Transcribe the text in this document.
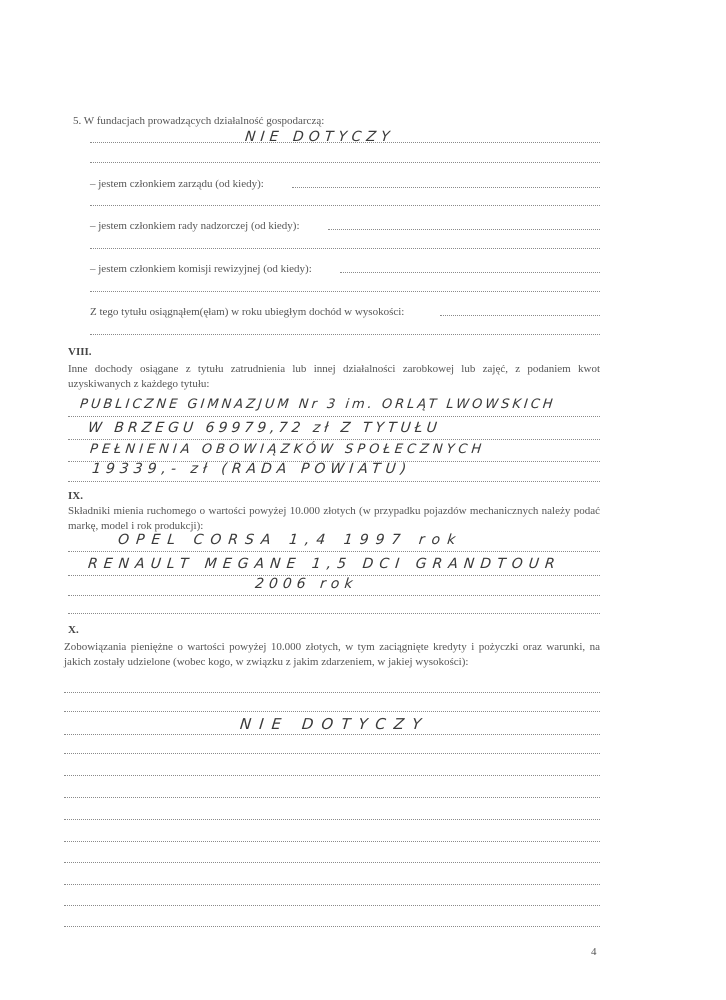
5. W fundacjach prowadzących działalność gospodarczą:
NIE DOTYCZY
– jestem członkiem zarządu (od kiedy):
– jestem członkiem rady nadzorczej (od kiedy):
– jestem członkiem komisji rewizyjnej (od kiedy):
Z tego tytułu osiągnąłem(ęłam) w roku ubiegłym dochód w wysokości:
VIII.
Inne dochody osiągane z tytułu zatrudnienia lub innej działalności zarobkowej lub zajęć, z podaniem kwot uzyskiwanych z każdego tytułu:
PUBLICZNE GIMNAZJUM Nr 3 im. ORLĄT LWOWSKICH
W BRZEGU 69979,72 zł Z TYTUŁU
PEŁNIENIA OBOWIĄZKÓW SPOŁECZNYCH
19339,- zł (RADA POWIATU)
IX.
Składniki mienia ruchomego o wartości powyżej 10.000 złotych (w przypadku pojazdów mechanicznych należy podać markę, model i rok produkcji):
OPEL CORSA 1,4 1997 rok
RENAULT MEGANE 1,5 DCI GRANDTOUR
2006 rok
X.
Zobowiązania pieniężne o wartości powyżej 10.000 złotych, w tym zaciągnięte kredyty i pożyczki oraz warunki, na jakich zostały udzielone (wobec kogo, w związku z jakim zdarzeniem, w jakiej wysokości):
NIE DOTYCZY
4
